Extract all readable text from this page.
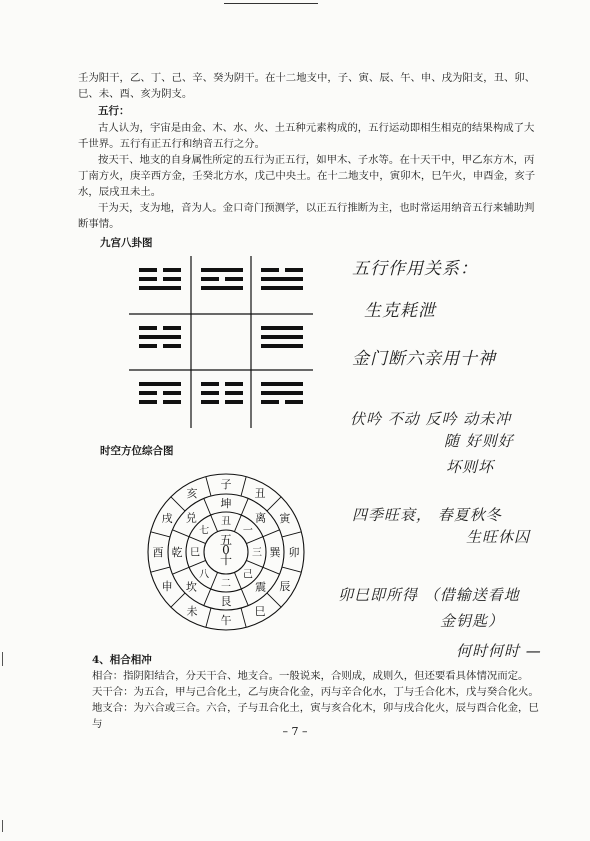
壬为阳干，乙、丁、己、辛、癸为阴干。在十二地支中，子、寅、辰、午、申、戌为阳支，丑、卯、巳、未、酉、亥为阴支。

五行：

古人认为，宇宙是由金、木、水、火、土五种元素构成的，五行运动即相生相克的结果构成了大千世界。五行有正五行和纳音五行之分。

按天干、地支的自身属性所定的五行为正五行，如甲木、子水等。在十天干中，甲乙东方木，丙丁南方火，庚辛西方金，壬癸北方水，戊己中央土。在十二地支中，寅卯木，巳午火，申酉金，亥子水，辰戌丑未土。

干为天，支为地，音为人。金口奇门预测学，以正五行推断为主，也时常运用纳音五行来辅助判断事情。

九宫八卦图

时空方位综合图

午
未
申
酉
戌
亥
子
丑
寅
卯
辰
巳
坤
离
巽
震
艮
坎
乾
兑 丑
一
三
己
二
八
巳
七
五
0
十

五行作用关系：

生克耗泄

金门断六亲用十神

伏吟 不动 反吟 动未冲

随 好则好

坏则坏

四季旺衰， 春夏秋冬

生旺休囚

卯巳即所得 （借输送看地

金钥匙）

何时何时 —

4、相合相冲

相合：指阴阳结合，分天干合、地支合。一般说来，合则成，成则久，但还要看具体情况而定。

天干合：为五合，甲与己合化土，乙与庚合化金，丙与辛合化水，丁与壬合化木，戊与癸合化火。

地支合：为六合或三合。六合，子与丑合化土，寅与亥合化木，卯与戌合化火，辰与酉合化金，巳与

– 7 –
